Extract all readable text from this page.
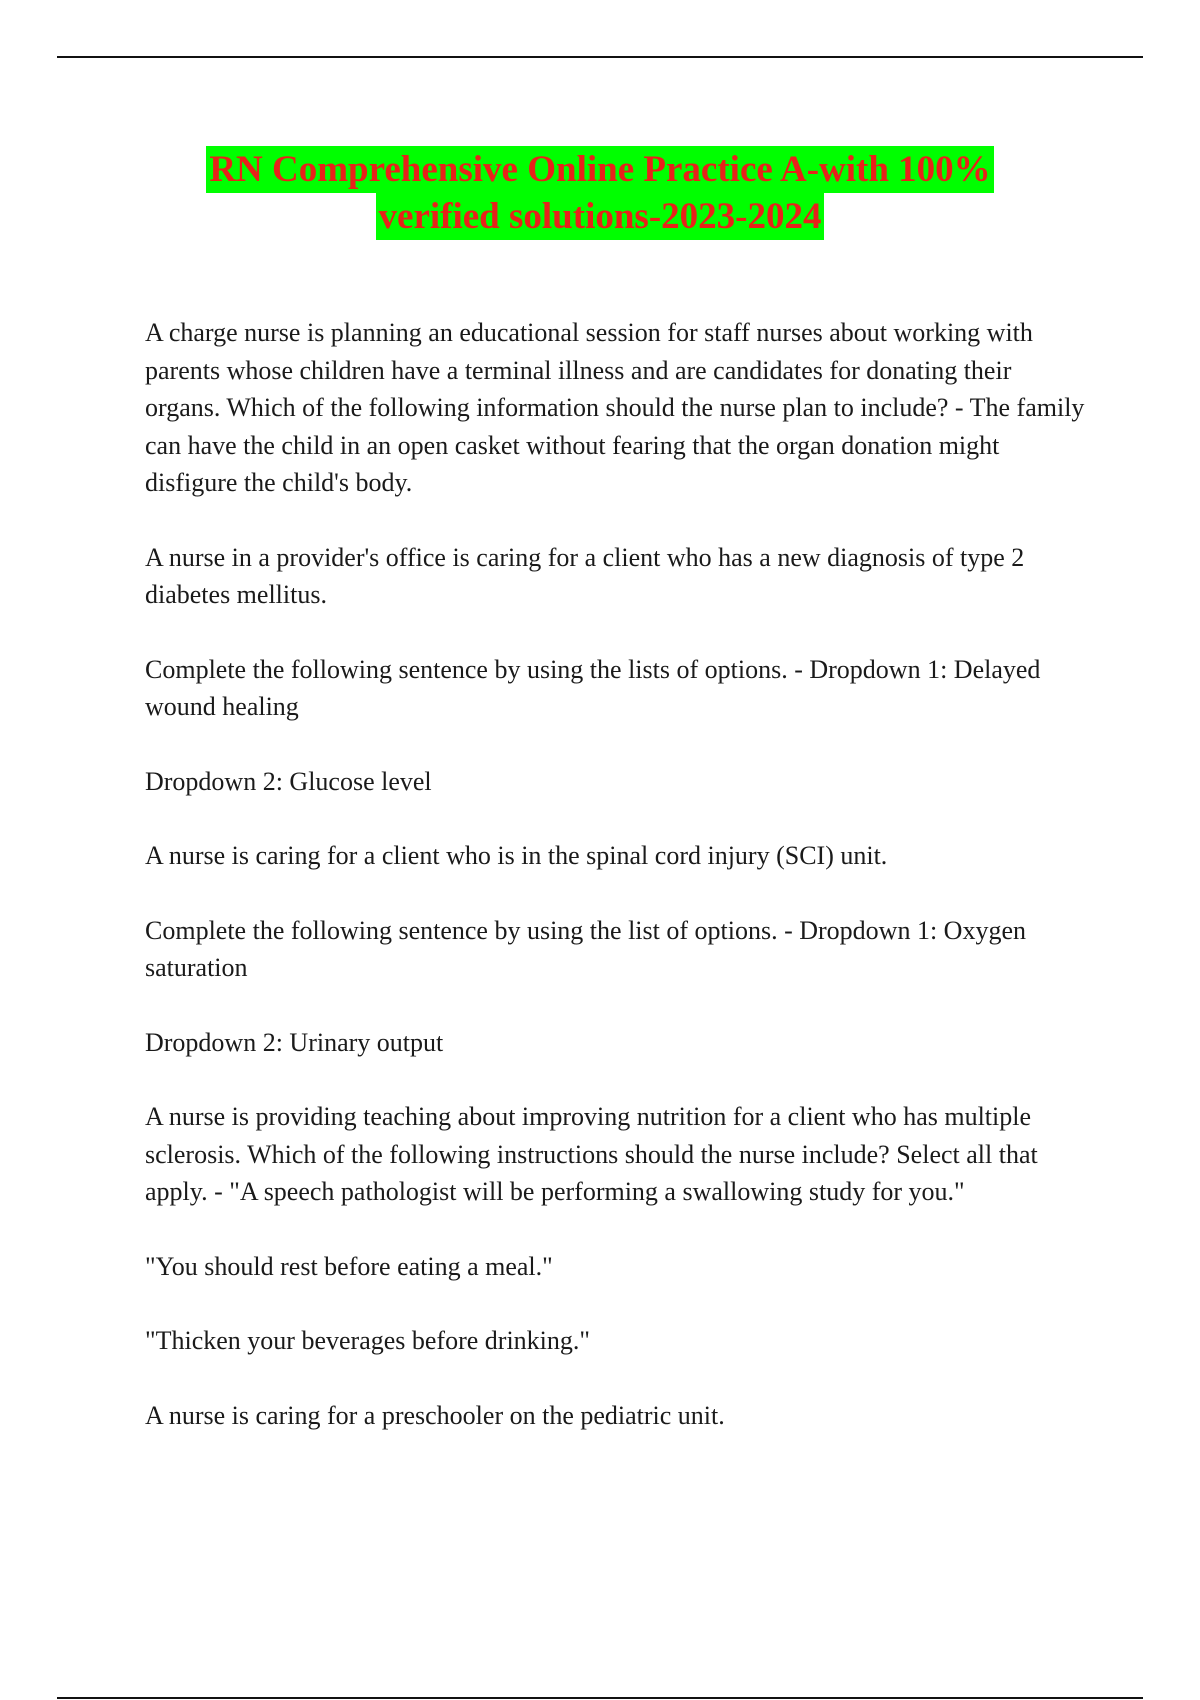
RN Comprehensive Online Practice A-with 100%
verified solutions-2023-2024

A charge nurse is planning an educational session for staff nurses about working with parents whose children have a terminal illness and are candidates for donating their organs. Which of the following information should the nurse plan to include? - The family can have the child in an open casket without fearing that the organ donation might disfigure the child's body.

A nurse in a provider's office is caring for a client who has a new diagnosis of type 2 diabetes mellitus.

Complete the following sentence by using the lists of options. - Dropdown 1: Delayed wound healing

Dropdown 2: Glucose level

A nurse is caring for a client who is in the spinal cord injury (SCI) unit.

Complete the following sentence by using the list of options. - Dropdown 1: Oxygen saturation

Dropdown 2: Urinary output

A nurse is providing teaching about improving nutrition for a client who has multiple sclerosis. Which of the following instructions should the nurse include? Select all that apply. - "A speech pathologist will be performing a swallowing study for you."

"You should rest before eating a meal."

"Thicken your beverages before drinking."

A nurse is caring for a preschooler on the pediatric unit.
